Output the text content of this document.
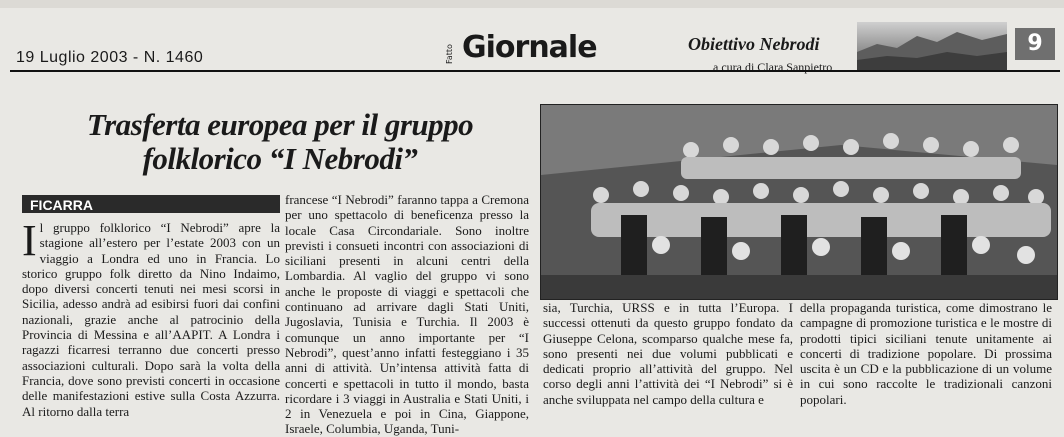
19 Luglio 2003 - N. 1460	Fatto Giornale	Obiettivo Nebrodi
a cura di Clara Sanpietro
9
Trasferta europea per il gruppo
folklorico “I Nebrodi”
FICARRA
Il gruppo folklorico “I Nebrodi” apre la stagione all’estero per l’estate 2003 con un viaggio a Londra ed uno in Francia. Lo storico gruppo folk diretto da Nino Indaimo, dopo diversi concerti tenuti nei mesi scorsi in Sicilia, adesso andrà ad esibirsi fuori dai confini nazionali, grazie anche al patrocinio della Provincia di Messina e all’AAPIT. A Londra i ragazzi ficarresi terranno due concerti presso associazioni culturali. Dopo sarà la volta della Francia, dove sono previsti concerti in occasione delle manifestazioni estive sulla Costa Azzurra. Al ritorno dalla terra
francese “I Nebrodi” faranno tappa a Cremona per uno spettacolo di beneficenza presso la locale Casa Circondariale. Sono inoltre previsti i consueti incontri con associazioni di siciliani presenti in alcuni centri della Lombardia. Al vaglio del gruppo vi sono anche le proposte di viaggi e spettacoli che continuano ad arrivare dagli Stati Uniti, Jugoslavia, Tunisia e Turchia. Il 2003 è comunque un anno importante per “I Nebrodi”, quest’anno infatti festeggiano i 35 anni di attività. Un’intensa attività fatta di concerti e spettacoli in tutto il mondo, basta ricordare i 3 viaggi in Australia e Stati Uniti, i 2 in Venezuela e poi in Cina, Giappone, Israele, Columbia, Uganda, Tuni-
sia, Turchia, URSS e in tutta l’Europa. I successi ottenuti da questo gruppo fondato da Giuseppe Celona, scomparso qualche mese fa, sono presenti nei due volumi pubblicati e dedicati proprio all’attività del gruppo. Nel corso degli anni l’attività dei “I Nebrodi” si è anche sviluppata nel campo della cultura e
della propaganda turistica, come dimostrano le campagne di promozione turistica e le mostre di prodotti tipici siciliani tenute unitamente ai concerti di tradizione popolare. Di prossima uscita è un CD e la pubblicazione di un volume in cui sono raccolte le tradizionali canzoni popolari.
